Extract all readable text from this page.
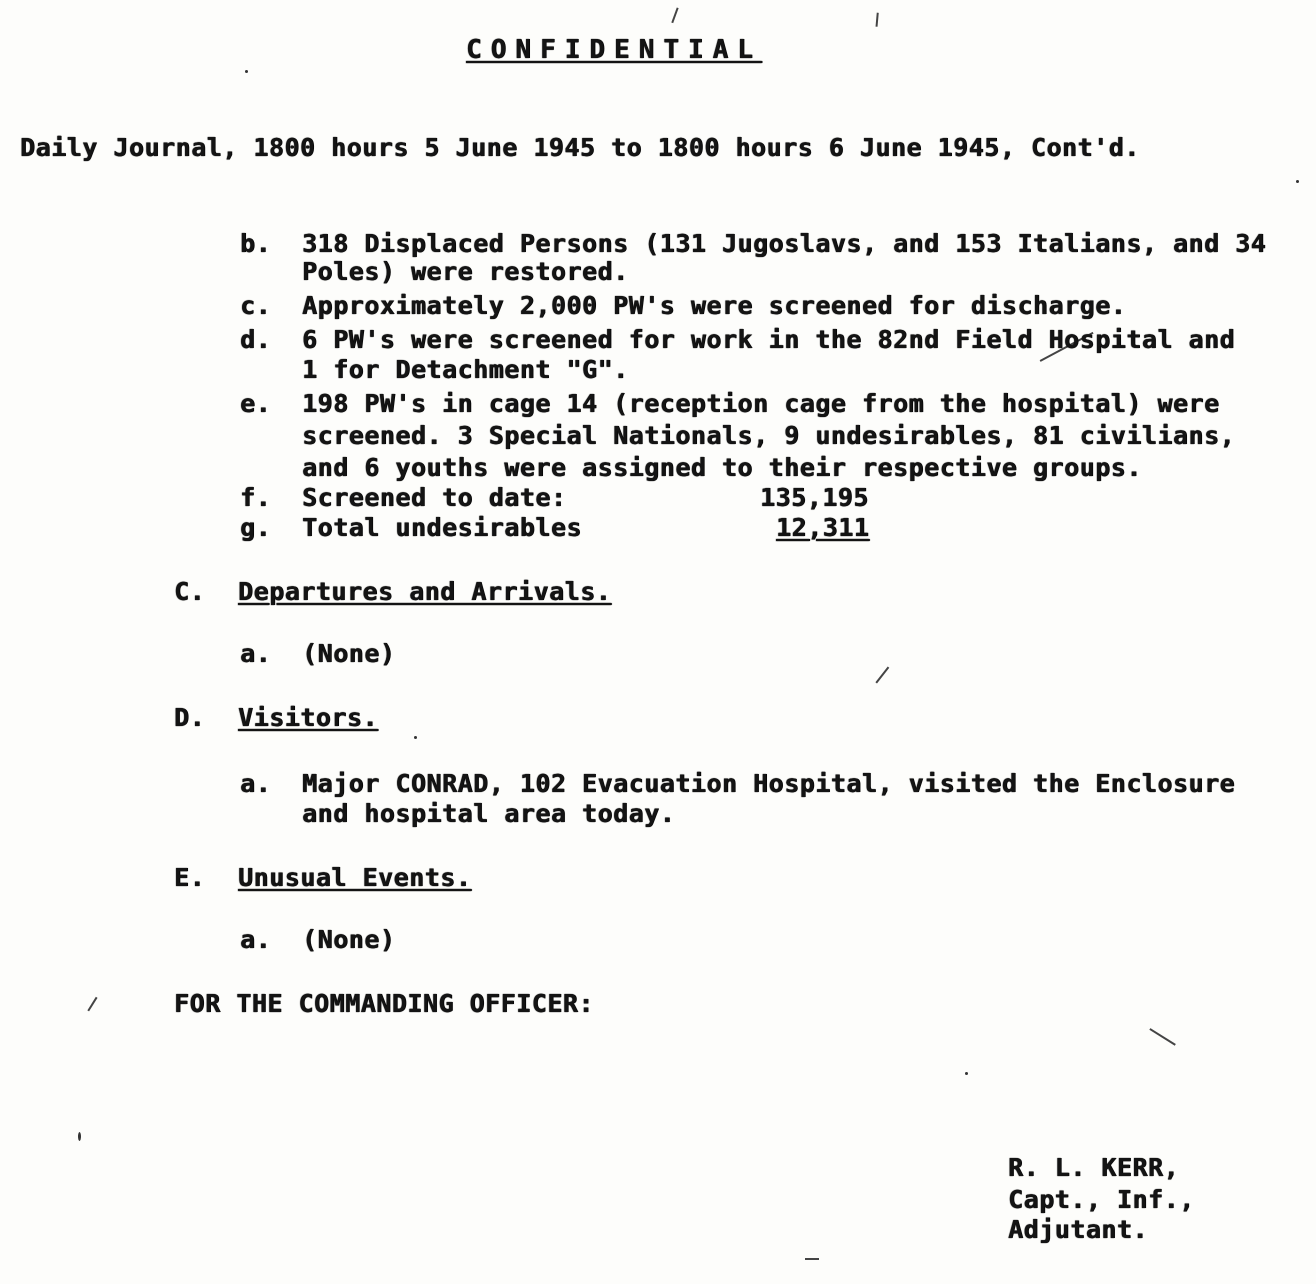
CONFIDENTIAL
Daily Journal, 1800 hours 5 June 1945 to 1800 hours 6 June 1945, Cont'd.
b. 318 Displaced Persons (131 Jugoslavs, and 153 Italians, and 34
Poles) were restored.
c. Approximately 2,000 PW's were screened for discharge.
d. 6 PW's were screened for work in the 82nd Field Hospital and
1 for Detachment "G".
e. 198 PW's in cage 14 (reception cage from the hospital) were
screened. 3 Special Nationals, 9 undesirables, 81 civilians,
and 6 youths were assigned to their respective groups.
f. Screened to date:	135,195
g. Total undesirables	12,311
C. Departures and Arrivals.
a. (None)
D. Visitors.
a. Major CONRAD, 102 Evacuation Hospital, visited the Enclosure
and hospital area today.
E. Unusual Events.
a. (None)
FOR THE COMMANDING OFFICER:
R. L. KERR,
Capt., Inf.,
Adjutant.
